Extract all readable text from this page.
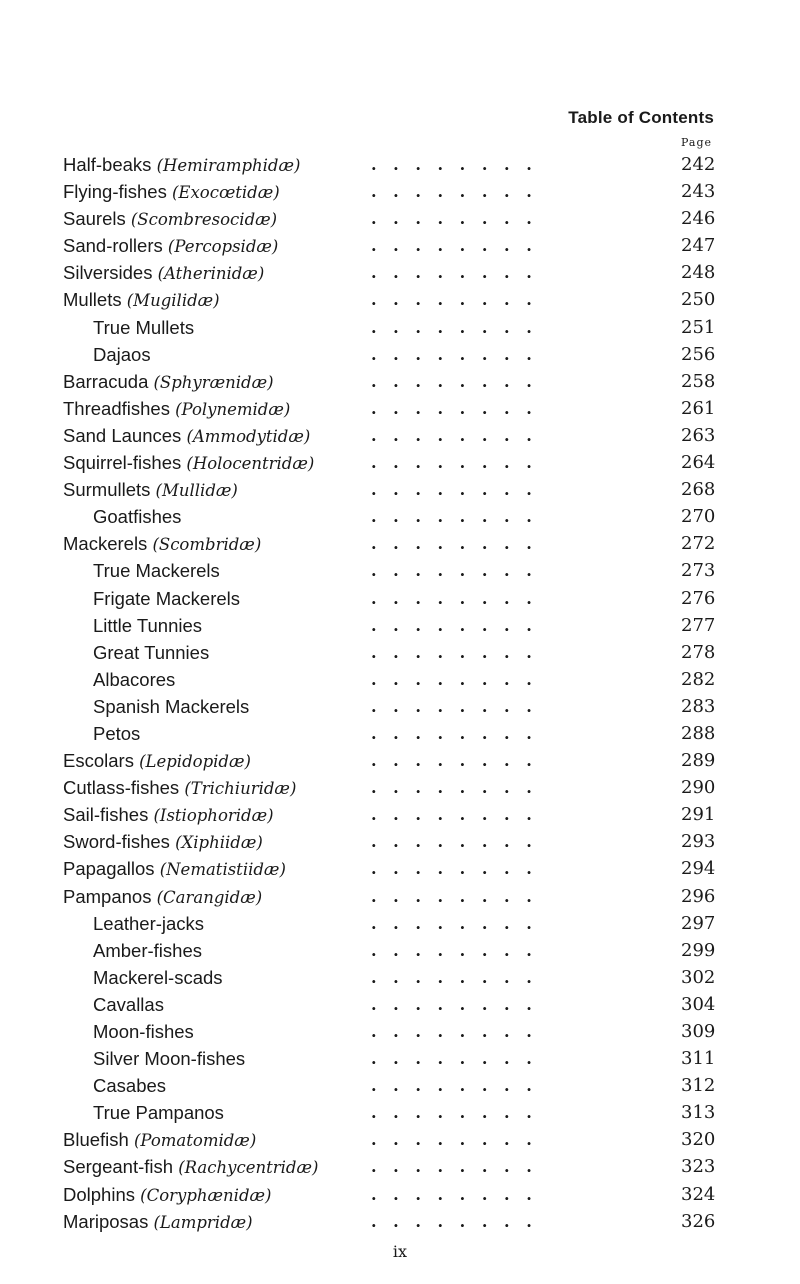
Table of Contents
Page
Half-beaks (Hemiramphidæ)	........	242
Flying-fishes (Exocœtidæ)	........	243
Saurels (Scombresocidæ)	........	246
Sand-rollers (Percopsidæ)	........	247
Silversides (Atherinidæ)	........	248
Mullets (Mugilidæ)	........	250
True Mullets	........	251
Dajaos	........	256
Barracuda (Sphyrænidæ)	........	258
Threadfishes (Polynemidæ)	........	261
Sand Launces (Ammodytidæ)	........	263
Squirrel-fishes (Holocentridæ)	........	264
Surmullets (Mullidæ)	........	268
Goatfishes	........	270
Mackerels (Scombridæ)	........	272
True Mackerels	........	273
Frigate Mackerels	........	276
Little Tunnies	........	277
Great Tunnies	........	278
Albacores	........	282
Spanish Mackerels	........	283
Petos	........	288
Escolars (Lepidopidæ)	........	289
Cutlass-fishes (Trichiuridæ)	........	290
Sail-fishes (Istiophoridæ)	........	291
Sword-fishes (Xiphiidæ)	........	293
Papagallos (Nematistiidæ)	........	294
Pampanos (Carangidæ)	........	296
Leather-jacks	........	297
Amber-fishes	........	299
Mackerel-scads	........	302
Cavallas	........	304
Moon-fishes	........	309
Silver Moon-fishes	........	311
Casabes	........	312
True Pampanos	........	313
Bluefish (Pomatomidæ)	........	320
Sergeant-fish (Rachycentridæ)	........	323
Dolphins (Coryphænidæ)	........	324
Mariposas (Lampridæ)	........	326
ix
